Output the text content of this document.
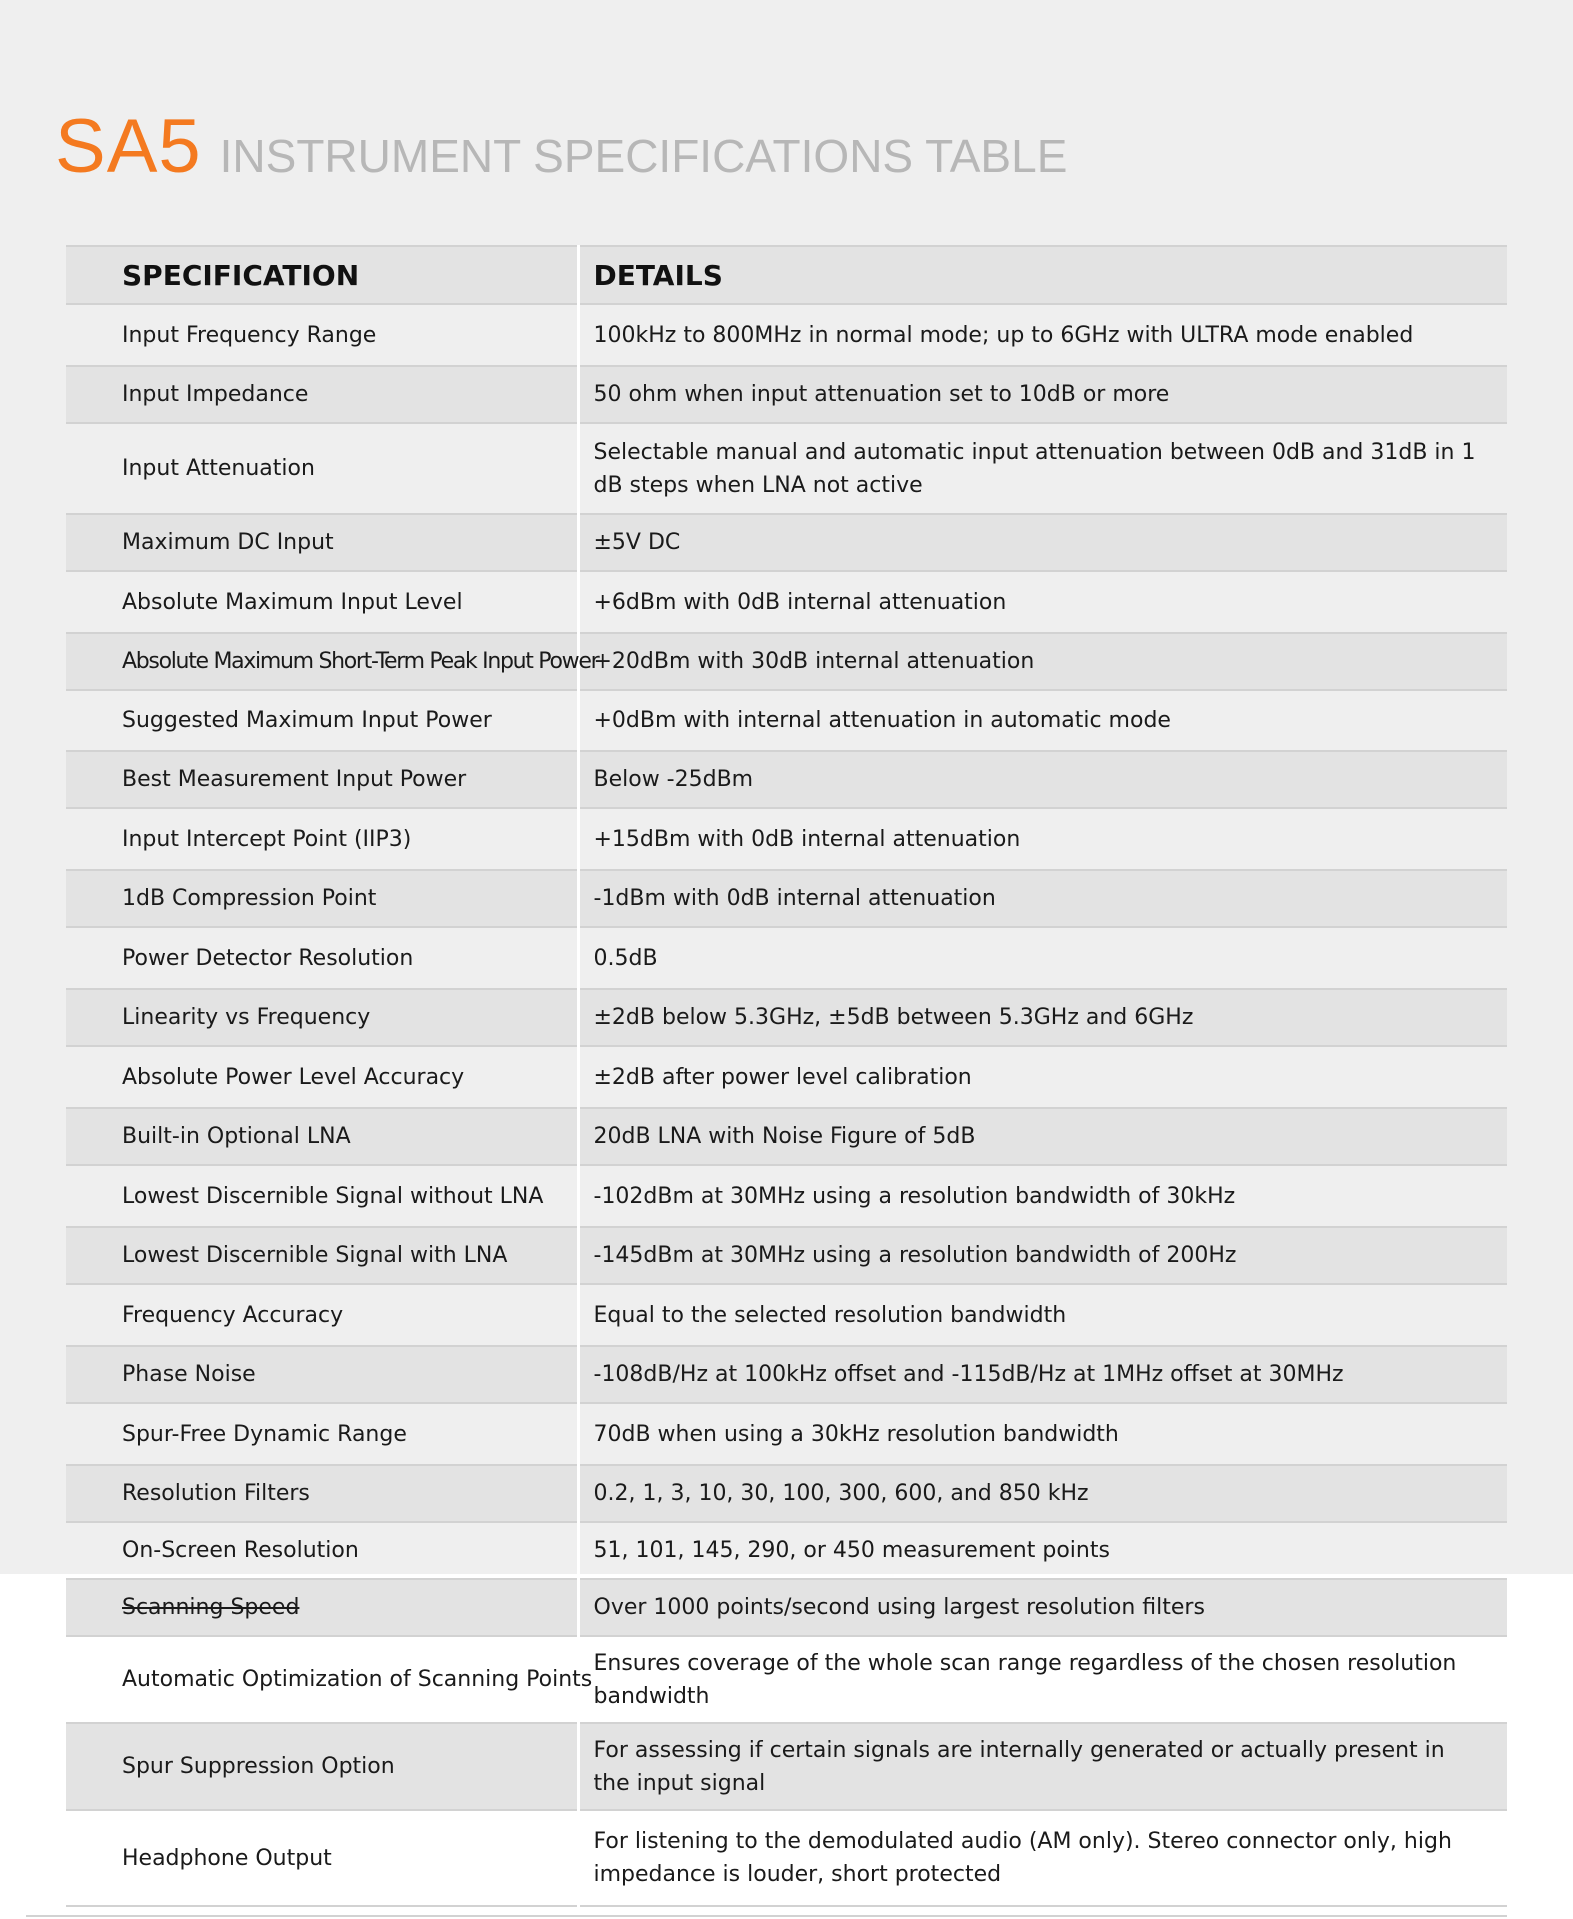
SA5 INSTRUMENT SPECIFICATIONS TABLE
SPECIFICATION	DETAILS
Input Frequency Range	100kHz to 800MHz in normal mode; up to 6GHz with ULTRA mode enabled
Input Impedance	50 ohm when input attenuation set to 10dB or more
Input Attenuation	Selectable manual and automatic input attenuation between 0dB and 31dB in 1 dB steps when LNA not active
Maximum DC Input	±5V DC
Absolute Maximum Input Level	+6dBm with 0dB internal attenuation
Absolute Maximum Short-Term Peak Input Power	+20dBm with 30dB internal attenuation
Suggested Maximum Input Power	+0dBm with internal attenuation in automatic mode
Best Measurement Input Power	Below -25dBm
Input Intercept Point (IIP3)	+15dBm with 0dB internal attenuation
1dB Compression Point	-1dBm with 0dB internal attenuation
Power Detector Resolution	0.5dB
Linearity vs Frequency	±2dB below 5.3GHz, ±5dB between 5.3GHz and 6GHz
Absolute Power Level Accuracy	±2dB after power level calibration
Built-in Optional LNA	20dB LNA with Noise Figure of 5dB
Lowest Discernible Signal without LNA	-102dBm at 30MHz using a resolution bandwidth of 30kHz
Lowest Discernible Signal with LNA	-145dBm at 30MHz using a resolution bandwidth of 200Hz
Frequency Accuracy	Equal to the selected resolution bandwidth
Phase Noise	-108dB/Hz at 100kHz offset and -115dB/Hz at 1MHz offset at 30MHz
Spur-Free Dynamic Range	70dB when using a 30kHz resolution bandwidth
Resolution Filters	0.2, 1, 3, 10, 30, 100, 300, 600, and 850 kHz
On-Screen Resolution	51, 101, 145, 290, or 450 measurement points
Scanning Speed	Over 1000 points/second using largest resolution filters
Automatic Optimization of Scanning Points	Ensures coverage of the whole scan range regardless of the chosen resolution bandwidth
Spur Suppression Option	For assessing if certain signals are internally generated or actually present in the input signal
Headphone Output	For listening to the demodulated audio (AM only). Stereo connector only, high impedance is louder, short protected
